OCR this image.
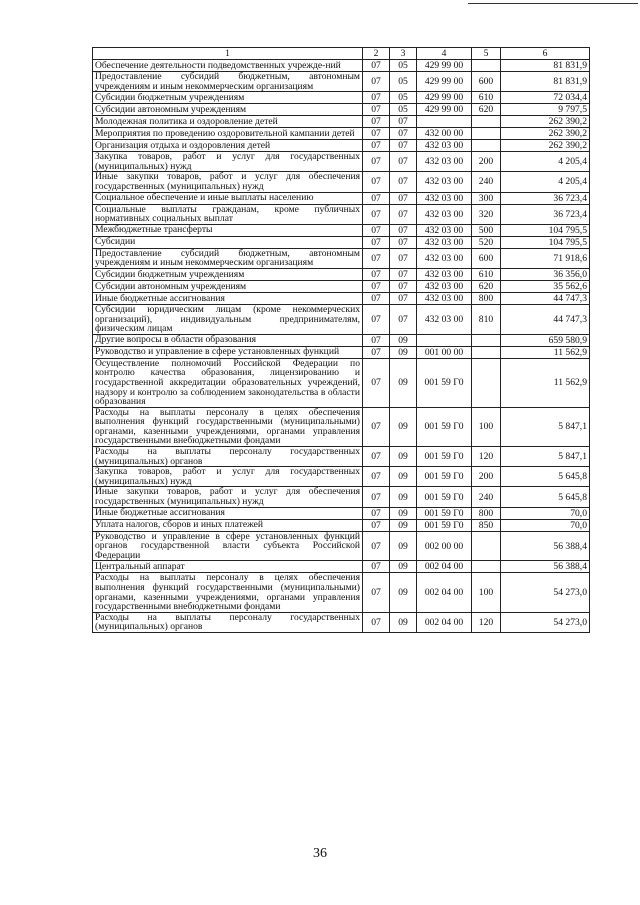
1	2	3	4	5	6
Обеспечение деятельности подведомственных учрежде-ний	07	05	429 99 00		81 831,9
Предоставление субсидий бюджетным, автономным учреждениям и иным некоммерческим организациям	07	05	429 99 00	600	81 831,9
Субсидии бюджетным учреждениям	07	05	429 99 00	610	72 034,4
Субсидии автономным учреждениям	07	05	429 99 00	620	9 797,5
Молодежная политика и оздоровление детей	07	07			262 390,2
Мероприятия по проведению оздоровительной кампании детей	07	07	432 00 00		262 390,2
Организация отдыха и оздоровления детей	07	07	432 03 00		262 390,2
Закупка товаров, работ и услуг для государственных (муниципальных) нужд	07	07	432 03 00	200	4 205,4
Иные закупки товаров, работ и услуг для обеспечения государственных (муниципальных) нужд	07	07	432 03 00	240	4 205,4
Социальное обеспечение и иные выплаты населению	07	07	432 03 00	300	36 723,4
Социальные выплаты гражданам, кроме публичных нормативных социальных выплат	07	07	432 03 00	320	36 723,4
Межбюджетные трансферты	07	07	432 03 00	500	104 795,5
Субсидии	07	07	432 03 00	520	104 795,5
Предоставление субсидий бюджетным, автономным учреждениям и иным некоммерческим организациям	07	07	432 03 00	600	71 918,6
Субсидии бюджетным учреждениям	07	07	432 03 00	610	36 356,0
Субсидии автономным учреждениям	07	07	432 03 00	620	35 562,6
Иные бюджетные ассигнования	07	07	432 03 00	800	44 747,3
Субсидии юридическим лицам (кроме некоммерческих организаций), индивидуальным предпринимателям, физическим лицам	07	07	432 03 00	810	44 747,3
Другие вопросы в области образования	07	09			659 580,9
Руководство и управление в сфере установленных функций	07	09	001 00 00		11 562,9
Осуществление полномочий Российской Федерации по контролю качества образования, лицензированию и государственной аккредитации образовательных учреждений, надзору и контролю за соблюдением законодательства в области образования	07	09	001 59 Г0		11 562,9
Расходы на выплаты персоналу в целях обеспечения выполнения функций государственными (муниципальными) органами, казенными учреждениями, органами управления государственными внебюджетными фондами	07	09	001 59 Г0	100	5 847,1
Расходы на выплаты персоналу государственных (муниципальных) органов	07	09	001 59 Г0	120	5 847,1
Закупка товаров, работ и услуг для государственных (муниципальных) нужд	07	09	001 59 Г0	200	5 645,8
Иные закупки товаров, работ и услуг для обеспечения государственных (муниципальных) нужд	07	09	001 59 Г0	240	5 645,8
Иные бюджетные ассигнования	07	09	001 59 Г0	800	70,0
Уплата налогов, сборов и иных платежей	07	09	001 59 Г0	850	70,0
Руководство и управление в сфере установленных функций органов государственной власти субъекта Российской Федерации	07	09	002 00 00		56 388,4
Центральный аппарат	07	09	002 04 00		56 388,4
Расходы на выплаты персоналу в целях обеспечения выполнения функций государственными (муниципальными) органами, казенными учреждениями, органами управления государственными внебюджетными фондами	07	09	002 04 00	100	54 273,0
Расходы на выплаты персоналу государственных (муниципальных) органов	07	09	002 04 00	120	54 273,0
36
